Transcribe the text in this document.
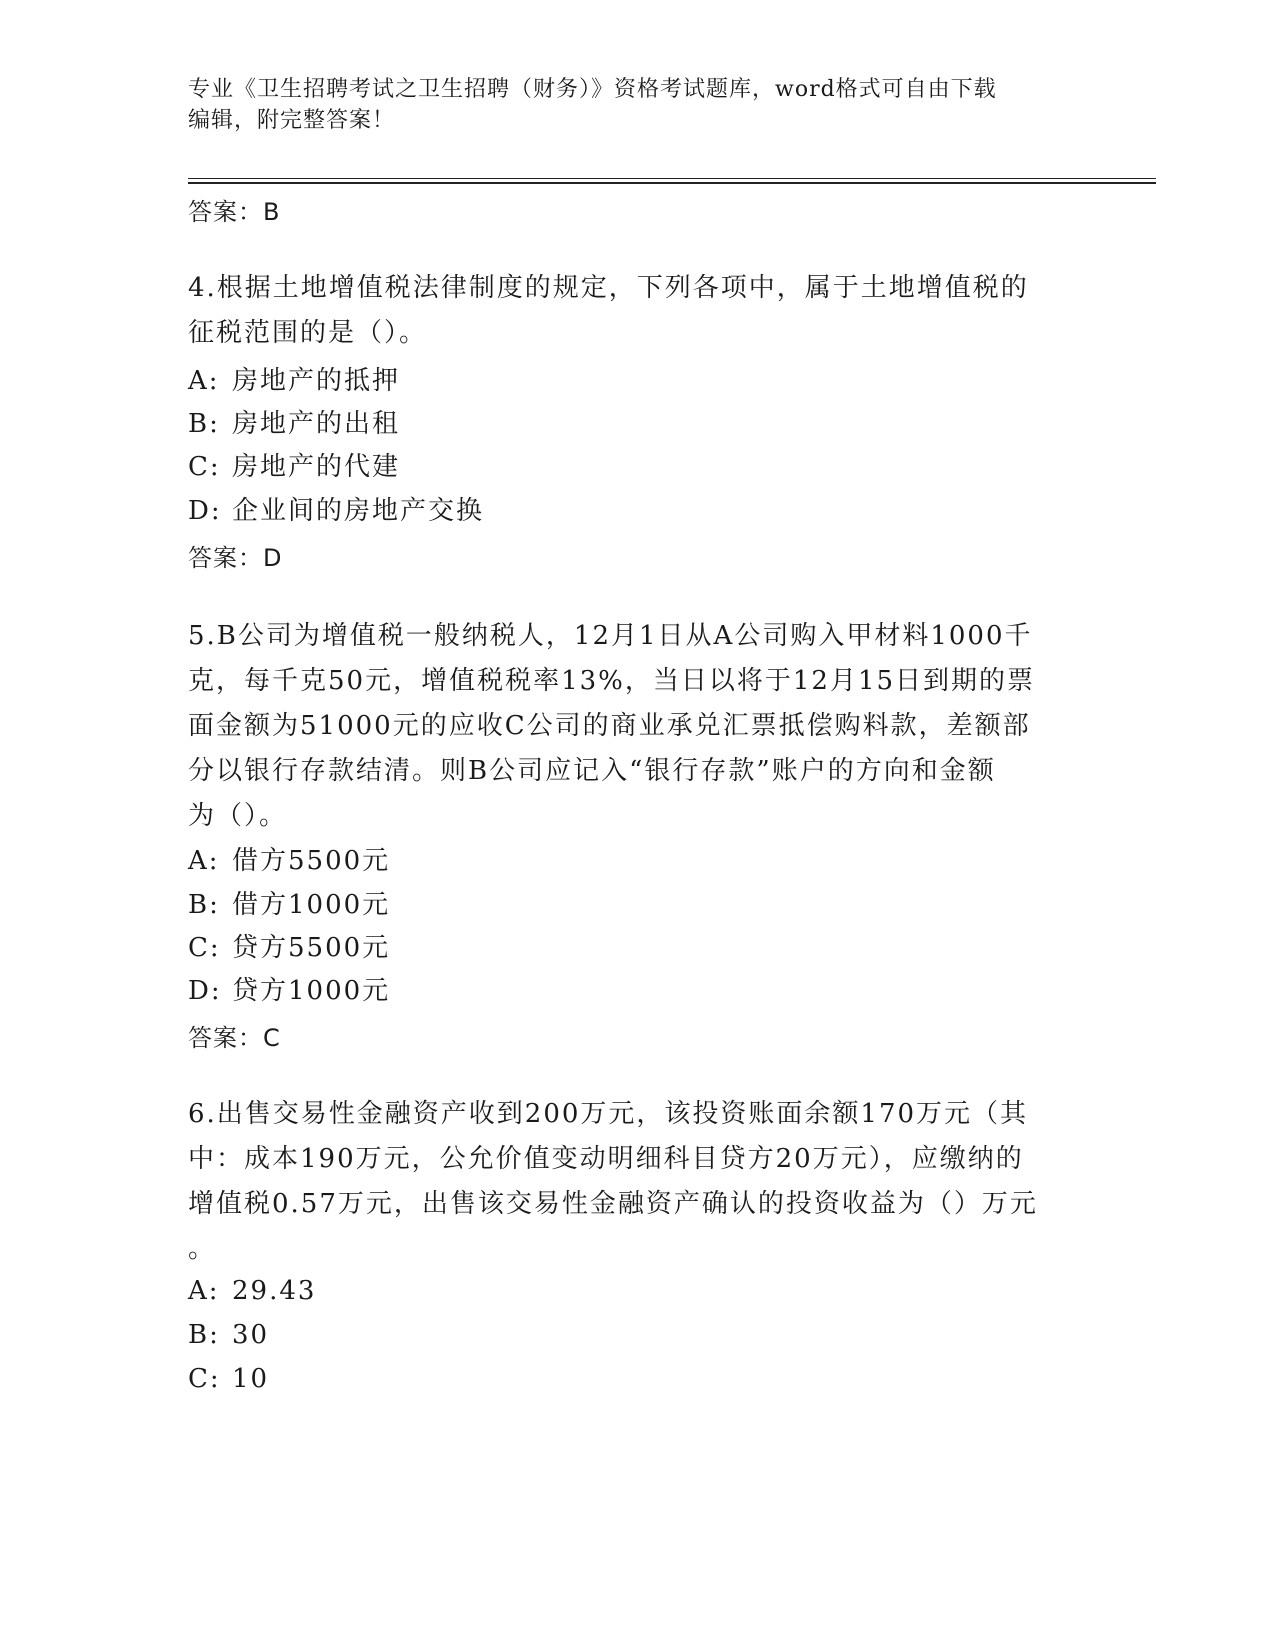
专业《卫生招聘考试之卫生招聘（财务）》资格考试题库，word格式可自由下载
编辑，附完整答案！
答案：B
4.根据土地增值税法律制度的规定，下列各项中，属于土地增值税的
征税范围的是（）。
A: 房地产的抵押
B: 房地产的出租
C: 房地产的代建
D: 企业间的房地产交换
答案：D
5.B公司为增值税一般纳税人，12月1日从A公司购入甲材料1000千
克，每千克50元，增值税税率13%，当日以将于12月15日到期的票
面金额为51000元的应收C公司的商业承兑汇票抵偿购料款，差额部
分以银行存款结清。则B公司应记入“银行存款”账户的方向和金额
为（）。
A: 借方5500元
B: 借方1000元
C: 贷方5500元
D: 贷方1000元
答案：C
6.出售交易性金融资产收到200万元，该投资账面余额170万元（其
中：成本190万元，公允价值变动明细科目贷方20万元），应缴纳的
增值税0.57万元，出售该交易性金融资产确认的投资收益为（）万元
。
A: 29.43
B: 30
C: 10
